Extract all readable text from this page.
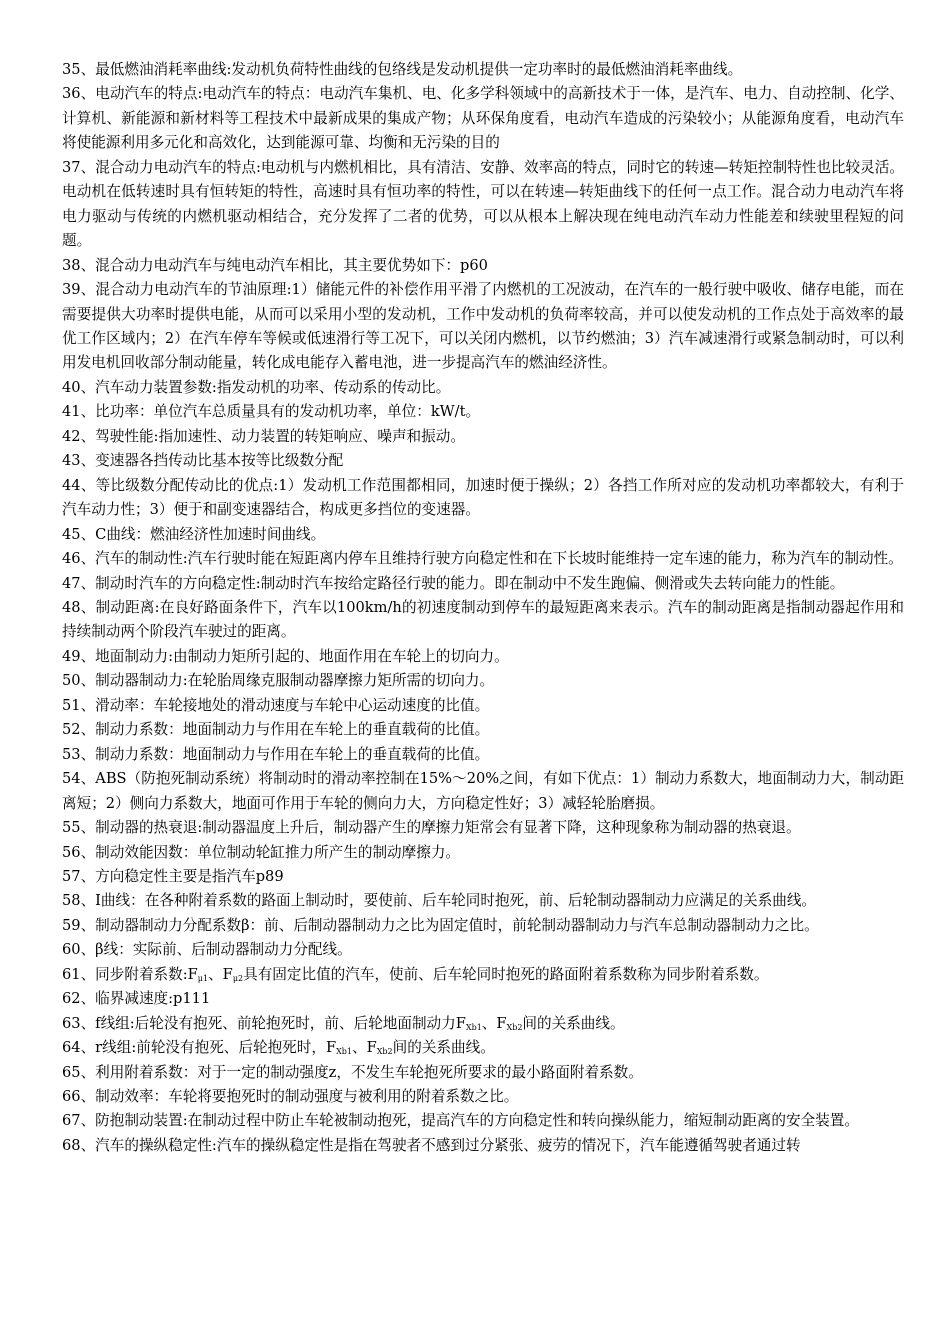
35、最低燃油消耗率曲线:发动机负荷特性曲线的包络线是发动机提供一定功率时的最低燃油消耗率曲线。

36、电动汽车的特点:电动汽车的特点：电动汽车集机、电、化多学科领域中的高新技术于一体，是汽车、电力、自动控制、化学、计算机、新能源和新材料等工程技术中最新成果的集成产物；从环保角度看，电动汽车造成的污染较小；从能源角度看，电动汽车将使能源利用多元化和高效化，达到能源可靠、均衡和无污染的目的

37、混合动力电动汽车的特点:电动机与内燃机相比，具有清洁、安静、效率高的特点，同时它的转速—转矩控制特性也比较灵活。电动机在低转速时具有恒转矩的特性，高速时具有恒功率的特性，可以在转速—转矩曲线下的任何一点工作。混合动力电动汽车将电力驱动与传统的内燃机驱动相结合，充分发挥了二者的优势，可以从根本上解决现在纯电动汽车动力性能差和续驶里程短的问题。

38、混合动力电动汽车与纯电动汽车相比，其主要优势如下：p60

39、混合动力电动汽车的节油原理:1）储能元件的补偿作用平滑了内燃机的工况波动，在汽车的一般行驶中吸收、储存电能，而在需要提供大功率时提供电能，从而可以采用小型的发动机，工作中发动机的负荷率较高，并可以使发动机的工作点处于高效率的最优工作区域内；2）在汽车停车等候或低速滑行等工况下，可以关闭内燃机，以节约燃油；3）汽车减速滑行或紧急制动时，可以利用发电机回收部分制动能量，转化成电能存入蓄电池，进一步提高汽车的燃油经济性。

40、汽车动力装置参数:指发动机的功率、传动系的传动比。

41、比功率：单位汽车总质量具有的发动机功率，单位：kW/t。

42、驾驶性能:指加速性、动力装置的转矩响应、噪声和振动。

43、变速器各挡传动比基本按等比级数分配

44、等比级数分配传动比的优点:1）发动机工作范围都相同，加速时便于操纵；2）各挡工作所对应的发动机功率都较大，有利于汽车动力性；3）便于和副变速器结合，构成更多挡位的变速器。

45、C曲线：燃油经济性加速时间曲线。

46、汽车的制动性:汽车行驶时能在短距离内停车且维持行驶方向稳定性和在下长坡时能维持一定车速的能力，称为汽车的制动性。

47、制动时汽车的方向稳定性:制动时汽车按给定路径行驶的能力。即在制动中不发生跑偏、侧滑或失去转向能力的性能。

48、制动距离:在良好路面条件下，汽车以100km/h的初速度制动到停车的最短距离来表示。汽车的制动距离是指制动器起作用和持续制动两个阶段汽车驶过的距离。

49、地面制动力:由制动力矩所引起的、地面作用在车轮上的切向力。

50、制动器制动力:在轮胎周缘克服制动器摩擦力矩所需的切向力。

51、滑动率：车轮接地处的滑动速度与车轮中心运动速度的比值。

52、制动力系数：地面制动力与作用在车轮上的垂直载荷的比值。

53、制动力系数：地面制动力与作用在车轮上的垂直载荷的比值。

54、ABS（防抱死制动系统）将制动时的滑动率控制在15%～20%之间，有如下优点：1）制动力系数大，地面制动力大，制动距离短；2）侧向力系数大，地面可作用于车轮的侧向力大，方向稳定性好；3）减轻轮胎磨损。

55、制动器的热衰退:制动器温度上升后，制动器产生的摩擦力矩常会有显著下降，这种现象称为制动器的热衰退。

56、制动效能因数：单位制动轮缸推力所产生的制动摩擦力。

57、方向稳定性主要是指汽车p89

58、I曲线：在各种附着系数的路面上制动时，要使前、后车轮同时抱死，前、后轮制动器制动力应满足的关系曲线。

59、制动器制动力分配系数β：前、后制动器制动力之比为固定值时，前轮制动器制动力与汽车总制动器制动力之比。

60、β线：实际前、后制动器制动力分配线。

61、同步附着系数$:F_{\mu 1}$、$F_{\mu 2}$具有固定比值的汽车，使前、后车轮同时抱死的路面附着系数称为同步附着系数。

62、临界减速度:p111

63、f线组:后轮没有抱死、前轮抱死时，前、后轮地面制动力$F_{Xb1}$、$F_{Xb2}$间的关系曲线。

64、r线组:前轮没有抱死、后轮抱死时，$F_{Xb1}$、$F_{Xb2}$间的关系曲线。

65、利用附着系数：对于一定的制动强度z，不发生车轮抱死所要求的最小路面附着系数。

66、制动效率：车轮将要抱死时的制动强度与被利用的附着系数之比。

67、防抱制动装置:在制动过程中防止车轮被制动抱死，提高汽车的方向稳定性和转向操纵能力，缩短制动距离的安全装置。

68、汽车的操纵稳定性:汽车的操纵稳定性是指在驾驶者不感到过分紧张、疲劳的情况下，汽车能遵循驾驶者通过转
